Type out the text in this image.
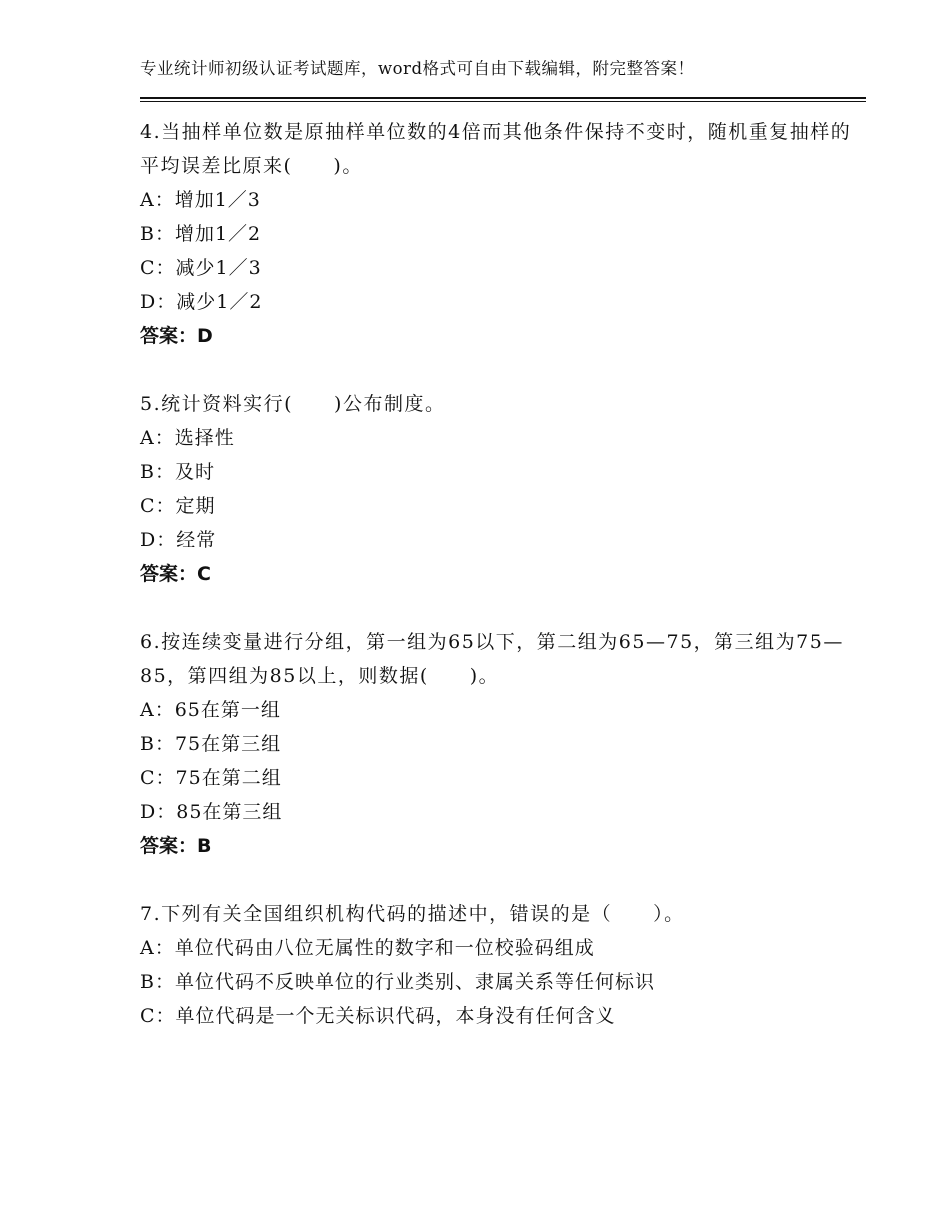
专业统计师初级认证考试题库，word格式可自由下载编辑，附完整答案！
4.当抽样单位数是原抽样单位数的4倍而其他条件保持不变时，随机重复抽样的平均误差比原来(　　)。
A：增加1／3
B：增加1／2
C：减少1／3
D：减少1／2
答案：D
5.统计资料实行(　　)公布制度。
A：选择性
B：及时
C：定期
D：经常
答案：C
6.按连续变量进行分组，第一组为65以下，第二组为65—75，第三组为75—85，第四组为85以上，则数据(　　)。
A：65在第一组
B：75在第三组
C：75在第二组
D：85在第三组
答案：B
7.下列有关全国组织机构代码的描述中，错误的是（　　）。
A：单位代码由八位无属性的数字和一位校验码组成
B：单位代码不反映单位的行业类别、隶属关系等任何标识
C：单位代码是一个无关标识代码，本身没有任何含义
